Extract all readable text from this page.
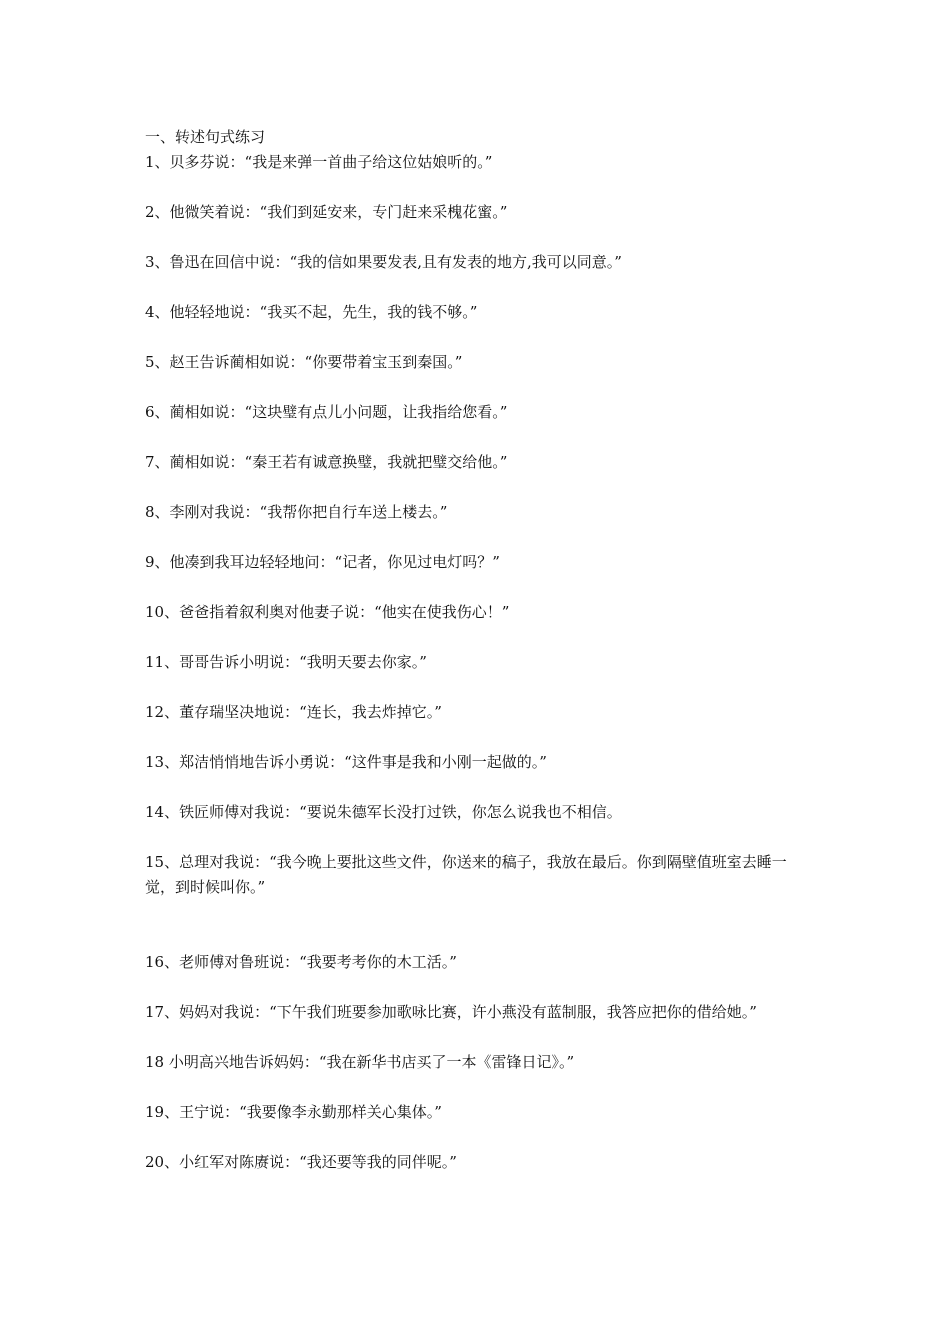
一、转述句式练习
1、贝多芬说：“我是来弹一首曲子给这位姑娘听的。”
2、他微笑着说：“我们到延安来，专门赶来采槐花蜜。”
3、鲁迅在回信中说：“我的信如果要发表,且有发表的地方,我可以同意。”
4、他轻轻地说：“我买不起，先生，我的钱不够。”
5、赵王告诉蔺相如说：“你要带着宝玉到秦国。”
6、蔺相如说：“这块璧有点儿小问题，让我指给您看。”
7、蔺相如说：“秦王若有诚意换璧，我就把璧交给他。”
8、李刚对我说：“我帮你把自行车送上楼去。”
9、他凑到我耳边轻轻地问：“记者，你见过电灯吗？”
10、爸爸指着叙利奥对他妻子说：“他实在使我伤心！”
11、哥哥告诉小明说：“我明天要去你家。”
12、董存瑞坚决地说：“连长，我去炸掉它。”
13、郑洁悄悄地告诉小勇说：“这件事是我和小刚一起做的。”
14、铁匠师傅对我说：“要说朱德军长没打过铁，你怎么说我也不相信。
15、总理对我说：“我今晚上要批这些文件，你送来的稿子，我放在最后。你到隔壁值班室去睡一觉，到时候叫你。”
16、老师傅对鲁班说：“我要考考你的木工活。”
17、妈妈对我说：“下午我们班要参加歌咏比赛，许小燕没有蓝制服，我答应把你的借给她。”
18 小明高兴地告诉妈妈：“我在新华书店买了一本《雷锋日记》。”
19、王宁说：“我要像李永勤那样关心集体。”
20、小红军对陈赓说：“我还要等我的同伴呢。”
